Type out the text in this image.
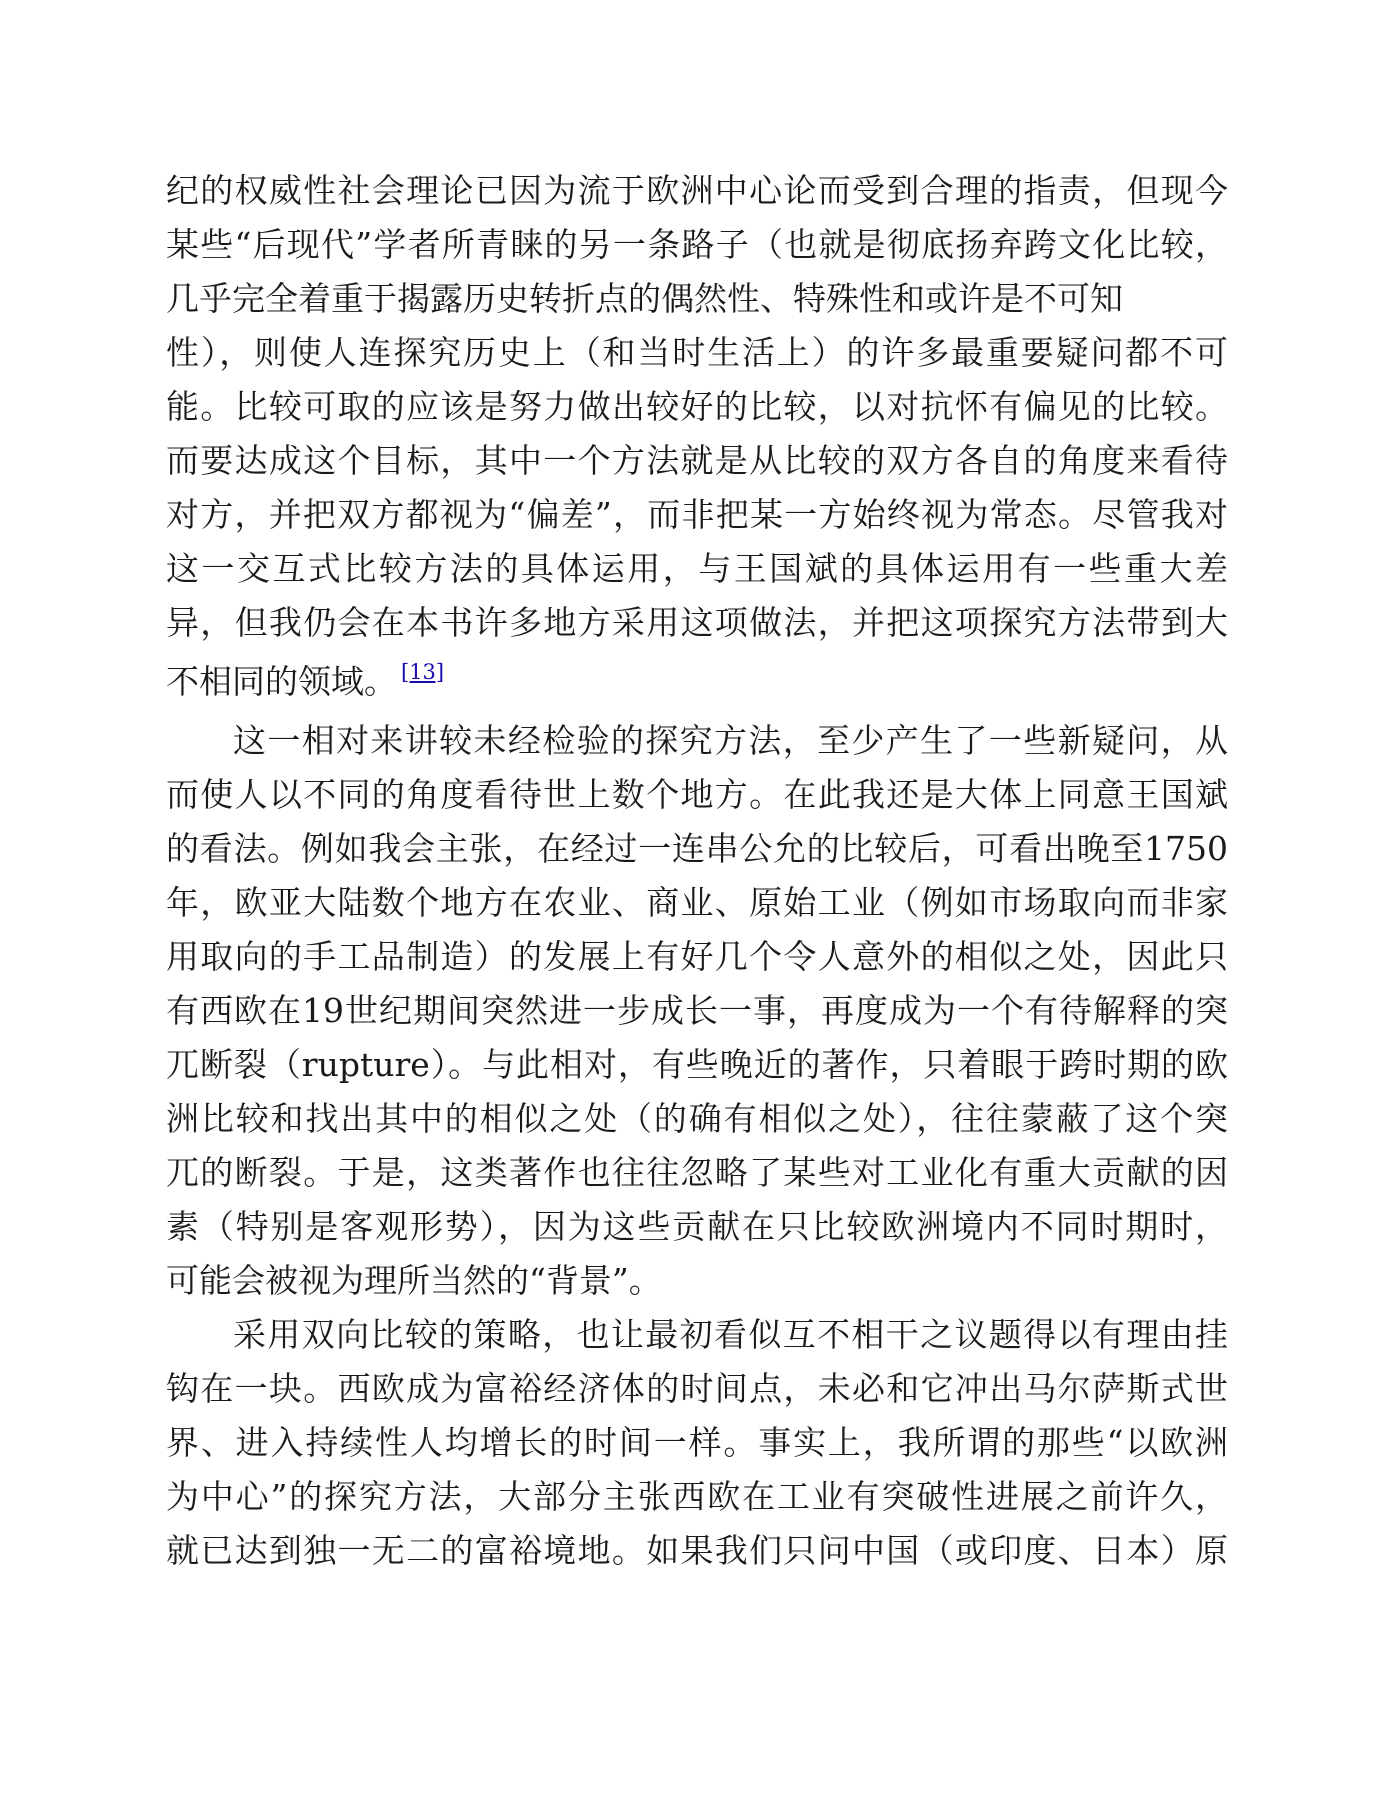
纪的权威性社会理论已因为流于欧洲中心论而受到合理的指责，但现今
某些“后现代”学者所青睐的另一条路子（也就是彻底扬弃跨文化比较，
几乎完全着重于揭露历史转折点的偶然性、特殊性和或许是不可知
性），则使人连探究历史上（和当时生活上）的许多最重要疑问都不可
能。比较可取的应该是努力做出较好的比较，以对抗怀有偏见的比较。
而要达成这个目标，其中一个方法就是从比较的双方各自的角度来看待
对方，并把双方都视为“偏差”，而非把某一方始终视为常态。尽管我对
这一交互式比较方法的具体运用，与王国斌的具体运用有一些重大差
异，但我仍会在本书许多地方采用这项做法，并把这项探究方法带到大
不相同的领域。 [13]
这一相对来讲较未经检验的探究方法，至少产生了一些新疑问，从
而使人以不同的角度看待世上数个地方。在此我还是大体上同意王国斌
的看法。例如我会主张，在经过一连串公允的比较后，可看出晚至1750
年，欧亚大陆数个地方在农业、商业、原始工业（例如市场取向而非家
用取向的手工品制造）的发展上有好几个令人意外的相似之处，因此只
有西欧在19世纪期间突然进一步成长一事，再度成为一个有待解释的突
兀断裂（rupture）。与此相对，有些晚近的著作，只着眼于跨时期的欧
洲比较和找出其中的相似之处（的确有相似之处），往往蒙蔽了这个突
兀的断裂。于是，这类著作也往往忽略了某些对工业化有重大贡献的因
素（特别是客观形势），因为这些贡献在只比较欧洲境内不同时期时，
可能会被视为理所当然的“背景”。
采用双向比较的策略，也让最初看似互不相干之议题得以有理由挂
钩在一块。西欧成为富裕经济体的时间点，未必和它冲出马尔萨斯式世
界、进入持续性人均增长的时间一样。事实上，我所谓的那些“以欧洲
为中心”的探究方法，大部分主张西欧在工业有突破性进展之前许久，
就已达到独一无二的富裕境地。如果我们只问中国（或印度、日本）原
